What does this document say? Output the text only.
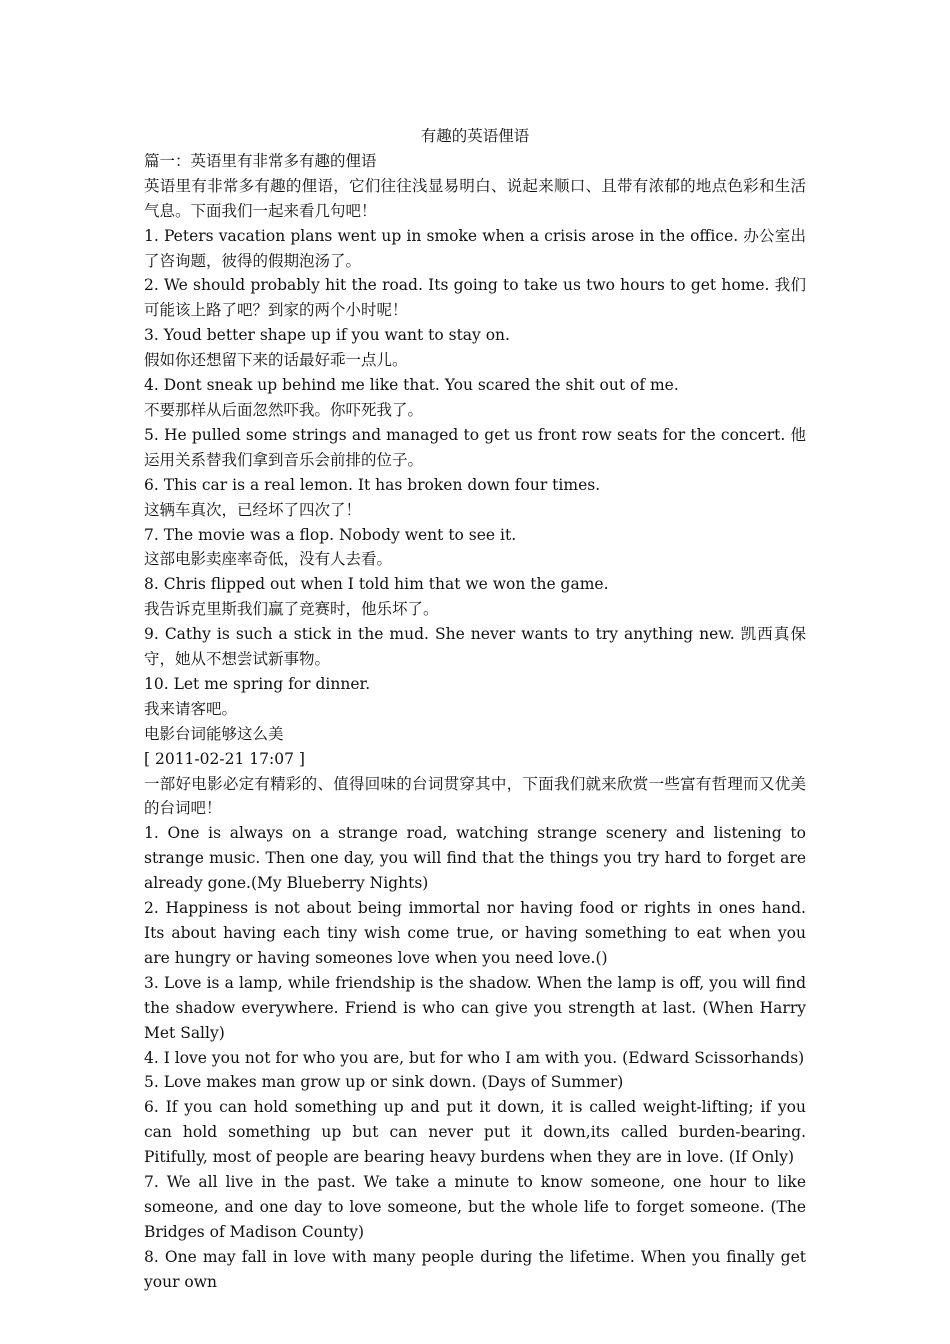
有趣的英语俚语

篇一：英语里有非常多有趣的俚语

英语里有非常多有趣的俚语，它们往往浅显易明白、说起来顺口、且带有浓郁的地点色彩和生活气息。下面我们一起来看几句吧！

1. Peters vacation plans went up in smoke when a crisis arose in the office. 办公室出了咨询题，彼得的假期泡汤了。

2. We should probably hit the road. Its going to take us two hours to get home. 我们可能该上路了吧？到家的两个小时呢！

3. Youd better shape up if you want to stay on.

假如你还想留下来的话最好乖一点儿。

4. Dont sneak up behind me like that. You scared the shit out of me.

不要那样从后面忽然吓我。你吓死我了。

5. He pulled some strings and managed to get us front row seats for the concert. 他运用关系替我们拿到音乐会前排的位子。

6. This car is a real lemon. It has broken down four times.

这辆车真次，已经坏了四次了！

7. The movie was a flop. Nobody went to see it.

这部电影卖座率奇低，没有人去看。

8. Chris flipped out when I told him that we won the game.

我告诉克里斯我们赢了竞赛时，他乐坏了。

9. Cathy is such a stick in the mud. She never wants to try anything new. 凯西真保守，她从不想尝试新事物。

10. Let me spring for dinner.

我来请客吧。

电影台词能够这么美

[ 2011-02-21 17:07 ]

一部好电影必定有精彩的、值得回味的台词贯穿其中，下面我们就来欣赏一些富有哲理而又优美的台词吧！

1. One is always on a strange road, watching strange scenery and listening to strange music. Then one day, you will find that the things you try hard to forget are already gone.(My Blueberry Nights)

2. Happiness is not about being immortal nor having food or rights in ones hand. Its about having each tiny wish come true, or having something to eat when you are hungry or having someones love when you need love.()

3. Love is a lamp, while friendship is the shadow. When the lamp is off, you will find the shadow everywhere. Friend is who can give you strength at last. (When Harry Met Sally)

4. I love you not for who you are, but for who I am with you. (Edward Scissorhands)

5. Love makes man grow up or sink down. (Days of Summer)

6. If you can hold something up and put it down, it is called weight-lifting; if you can hold something up but can never put it down,its called burden-bearing. Pitifully, most of people are bearing heavy burdens when they are in love. (If Only)

7. We all live in the past. We take a minute to know someone, one hour to like someone, and one day to love someone, but the whole life to forget someone. (The Bridges of Madison County)

8. One may fall in love with many people during the lifetime. When you finally get your own
